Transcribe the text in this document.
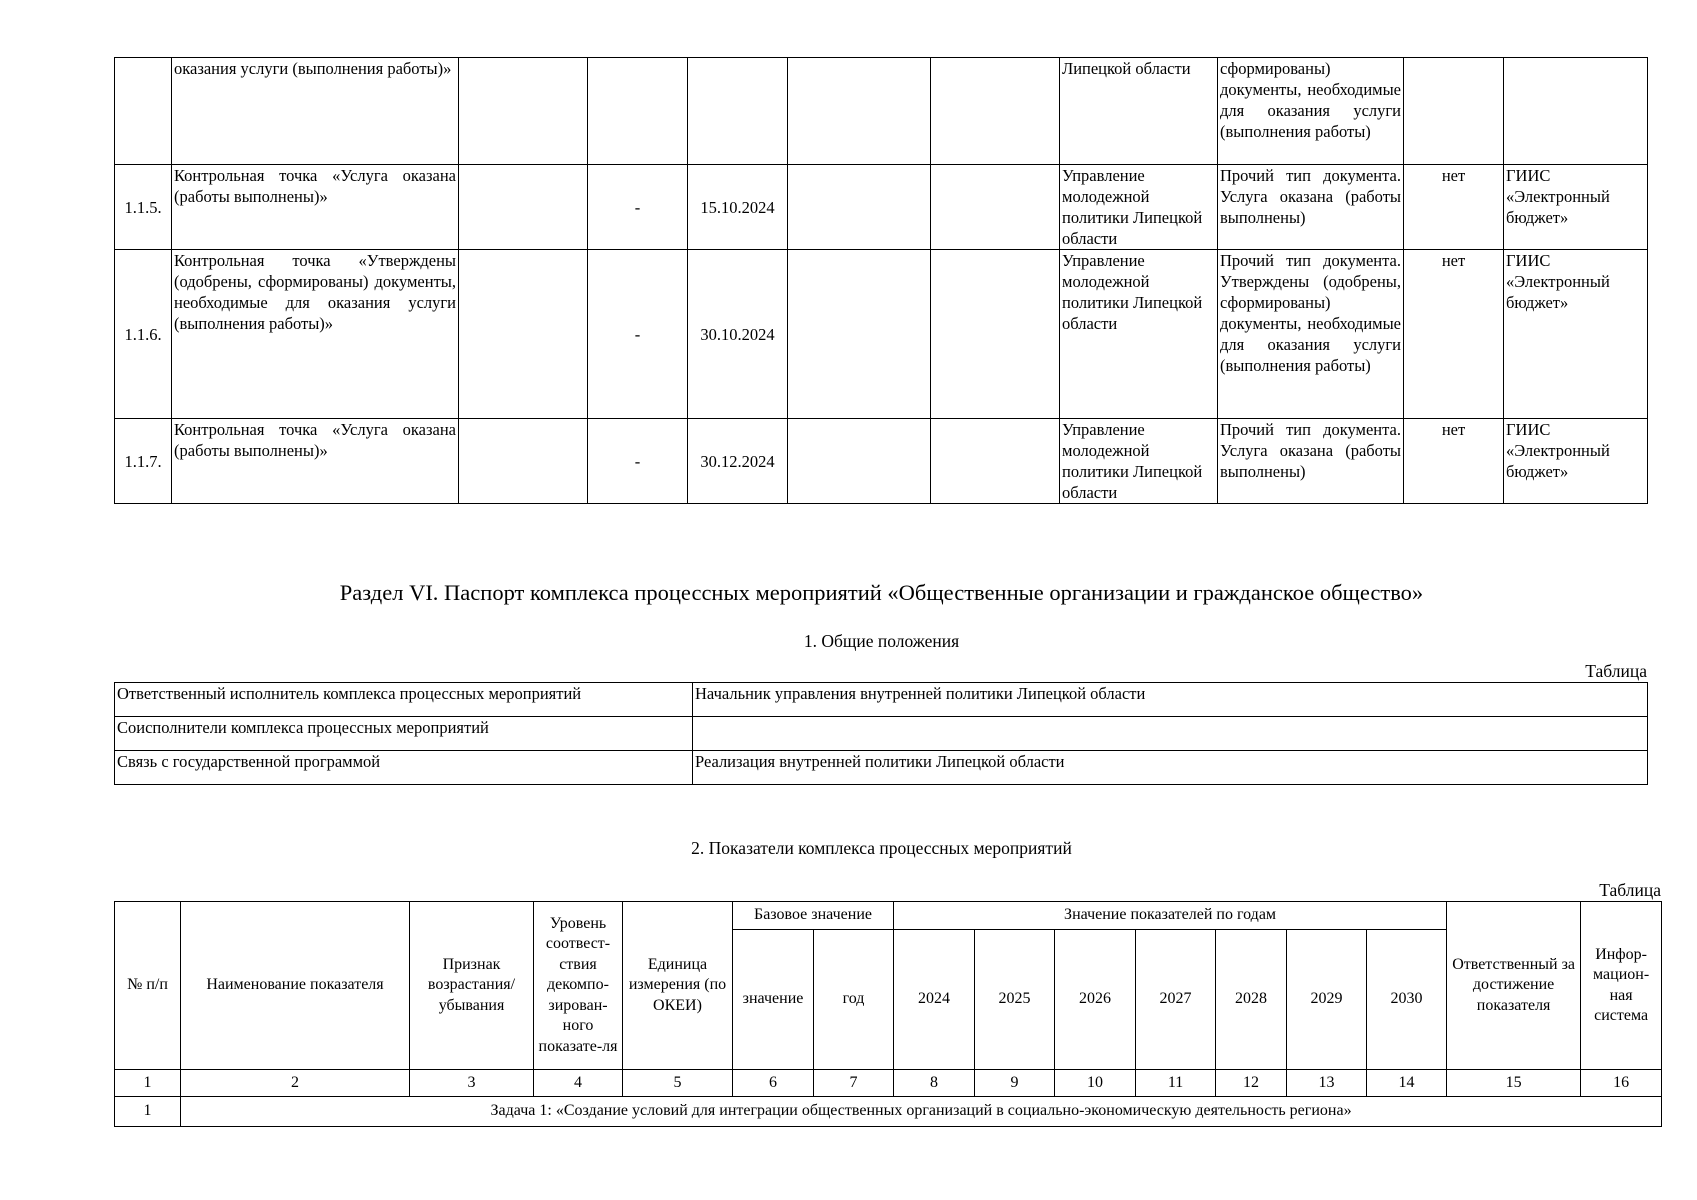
	оказания услуги (выполнения работы)»						Липецкой области	сформированы) документы, необходимые для оказания услуги (выполнения работы)		
1.1.5.	Контрольная точка «Услуга оказана (работы выполнены)»		-	15.10.2024			Управление молодежной политики Липецкой области	Прочий тип документа. Услуга оказана (работы выполнены)	нет	ГИИС «Электронный бюджет»
1.1.6.	Контрольная точка «Утверждены (одобрены, сформированы) документы, необходимые для оказания услуги (выполнения работы)»		-	30.10.2024			Управление молодежной политики Липецкой области	Прочий тип документа. Утверждены (одобрены, сформированы) документы, необходимые для оказания услуги (выполнения работы)	нет	ГИИС «Электронный бюджет»
1.1.7.	Контрольная точка «Услуга оказана (работы выполнены)»		-	30.12.2024			Управление молодежной политики Липецкой области	Прочий тип документа. Услуга оказана (работы выполнены)	нет	ГИИС «Электронный бюджет»
Раздел VI. Паспорт комплекса процессных мероприятий «Общественные организации и гражданское общество»
1. Общие положения
Таблица
Ответственный исполнитель комплекса процессных мероприятий	Начальник управления внутренней политики Липецкой области
Соисполнители комплекса процессных мероприятий	
Связь с государственной программой	Реализация внутренней политики Липецкой области
2. Показатели комплекса процессных мероприятий
Таблица
№ п/п	Наименование показателя	Признак возрастания/ убывания	Уровень соотвест-ствия декомпо-зирован-ного показате-ля	Единица измерения (по ОКЕИ)	Базовое значение		Значение показателей по годам							Ответственный за достижение показателя	Инфор-мацион-ная система
					значение	год	2024	2025	2026	2027	2028	2029	2030		
1	2	3	4	5	6	7	8	9	10	11	12	13	14	15	16
1	Задача 1: «Создание условий для интеграции общественных организаций в социально-экономическую деятельность региона»														
